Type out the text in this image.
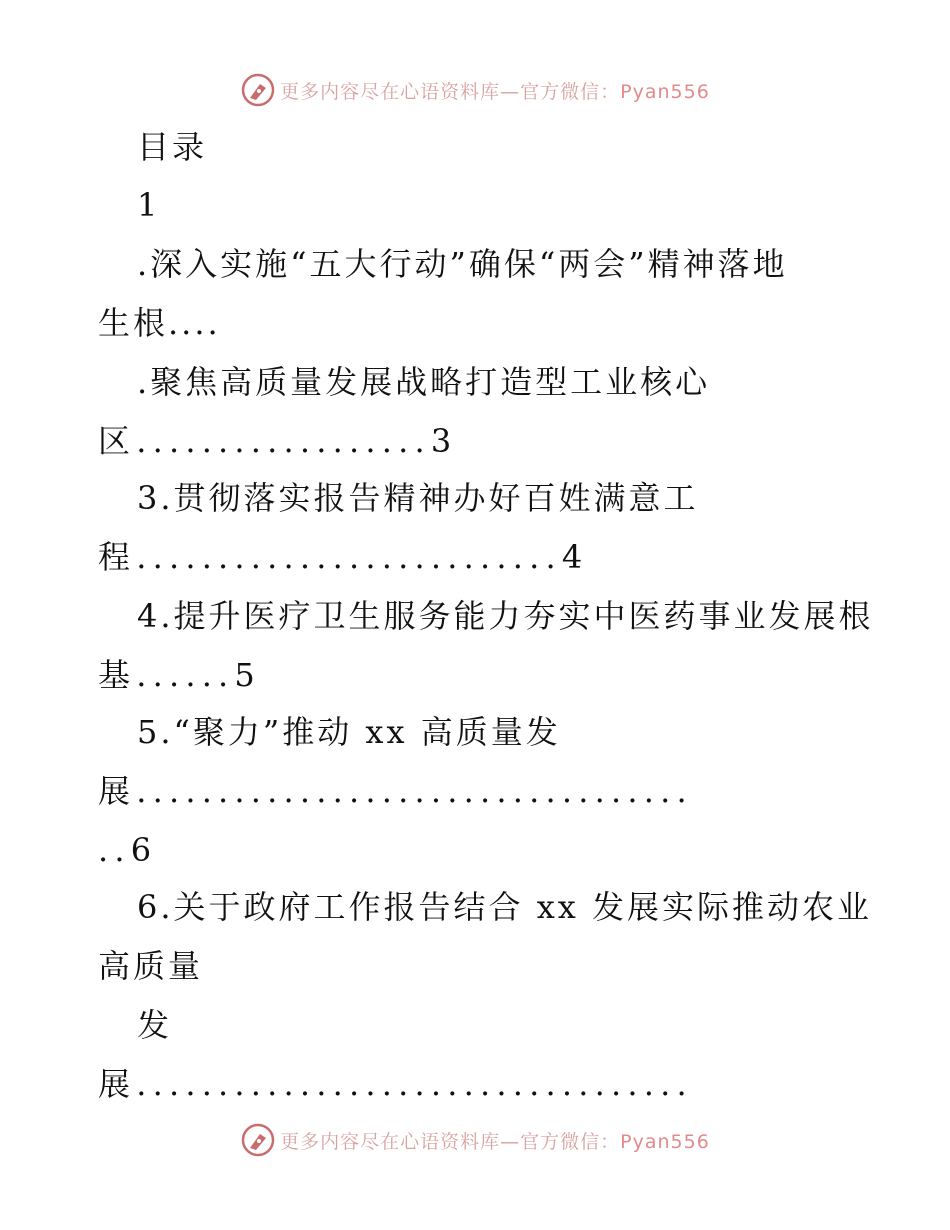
更多内容尽在心语资料库—官方微信：Pyan556
目录
1
.深入实施“五大行动”确保“两会”精神落地
生根....
.聚焦高质量发展战略打造型工业核心
区..................3
3.贯彻落实报告精神办好百姓满意工
程..........................4
4.提升医疗卫生服务能力夯实中医药事业发展根
基......5
5.“聚力”推动 xx 高质量发
展..................................
..6
6.关于政府工作报告结合 xx 发展实际推动农业
高质量
发
展..................................
更多内容尽在心语资料库—官方微信：Pyan556
